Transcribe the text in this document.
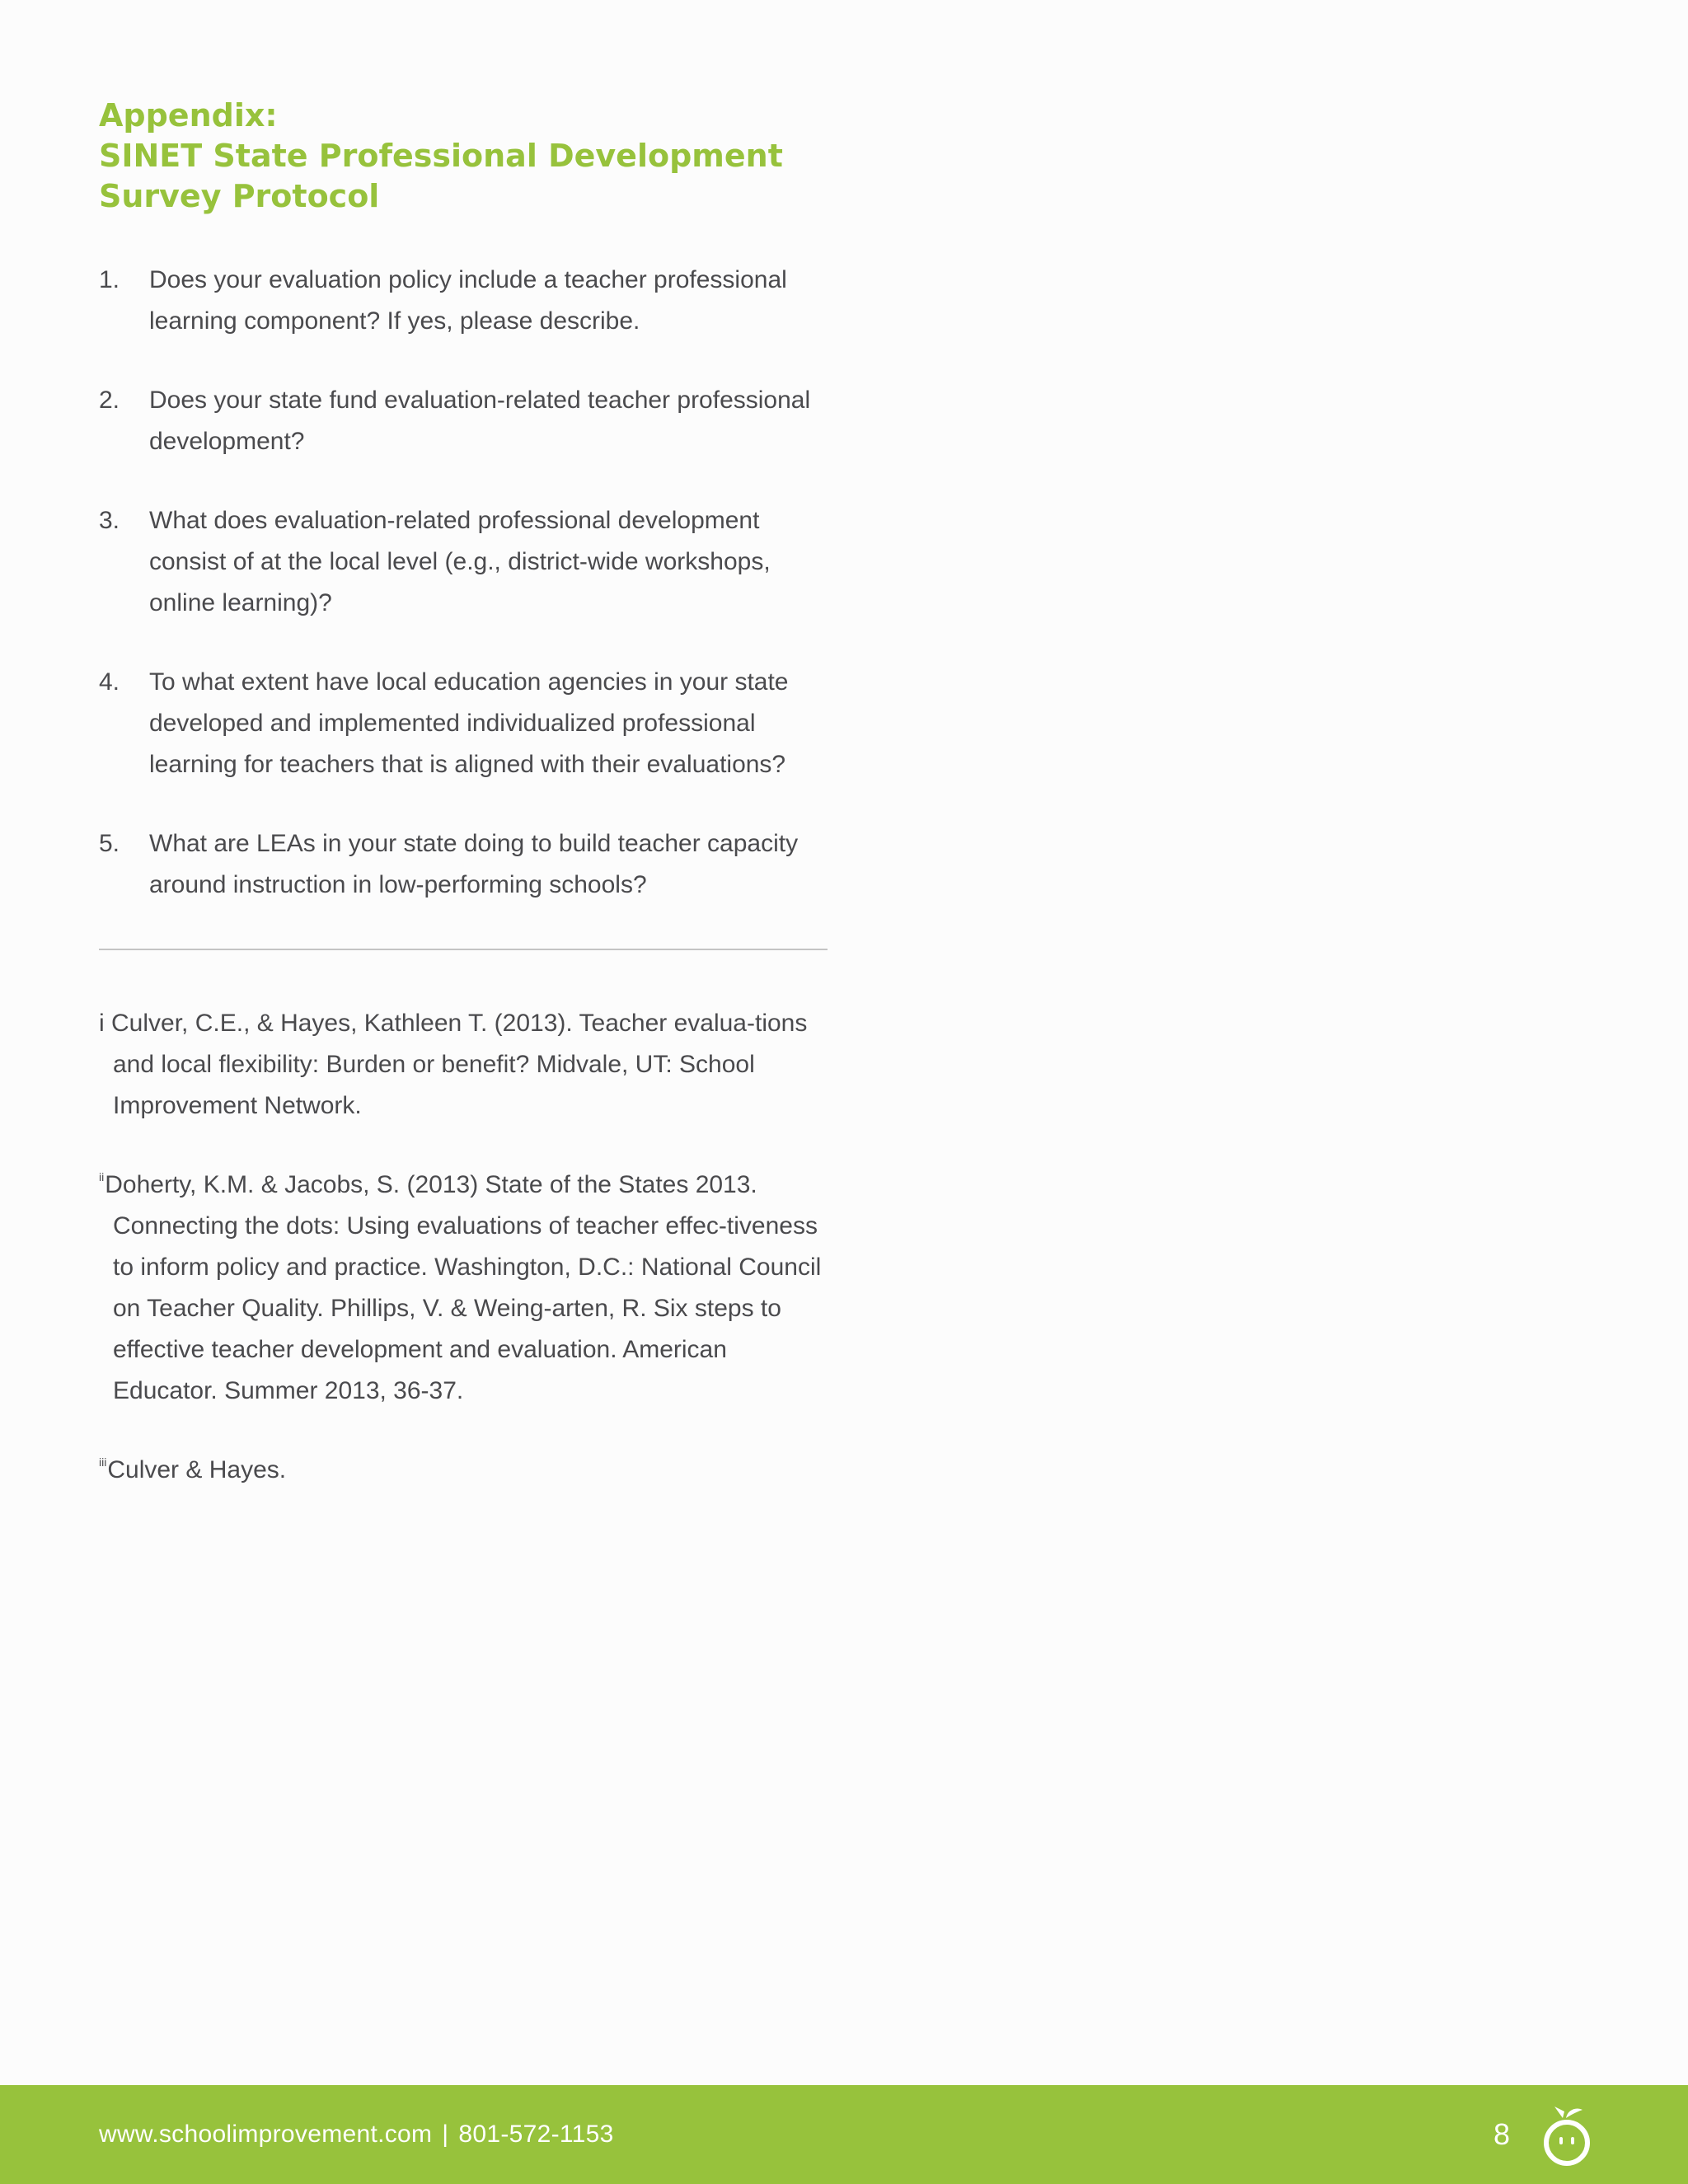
Appendix:
SINET State Professional Development
Survey Protocol
1. Does your evaluation policy include a teacher professional learning component? If yes, please describe.
2. Does your state fund evaluation-related teacher professional development?
3. What does evaluation-related professional development consist of at the local level (e.g., district-wide workshops, online learning)?
4. To what extent have local education agencies in your state developed and implemented individualized professional learning for teachers that is aligned with their evaluations?
5. What are LEAs in your state doing to build teacher capacity around instruction in low-performing schools?

i Culver, C.E., & Hayes, Kathleen T. (2013). Teacher evalua-tions and local flexibility: Burden or benefit? Midvale, UT: School Improvement Network.

$^{ii}$Doherty, K.M. & Jacobs, S. (2013) State of the States 2013. Connecting the dots: Using evaluations of teacher effec-tiveness to inform policy and practice. Washington, D.C.: National Council on Teacher Quality. Phillips, V. & Weing-arten, R. Six steps to effective teacher development and evaluation. American Educator. Summer 2013, 36-37.

$^{iii}$Culver & Hayes.

www.schoolimprovement.com | 801-572-1153	8
